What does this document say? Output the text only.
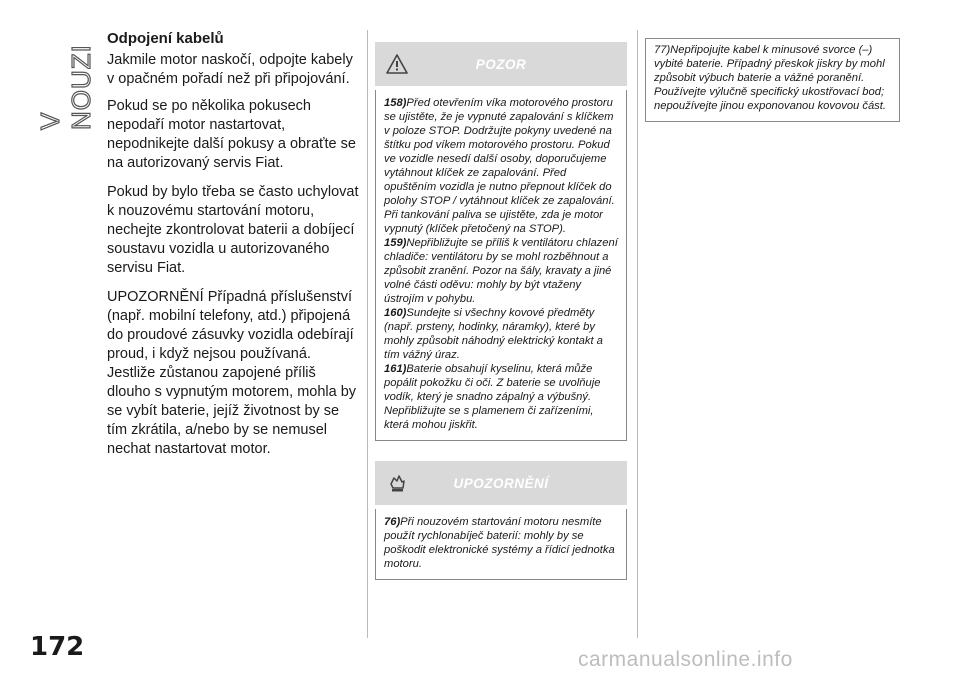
V NOUZI
Odpojení kabelů

Jakmile motor naskočí, odpojte kabely v opačném pořadí než při připojování.

Pokud se po několika pokusech nepodaří motor nastartovat, nepodnikejte další pokusy a obraťte se na autorizovaný servis Fiat.

Pokud by bylo třeba se často uchylovat k nouzovému startování motoru, nechejte zkontrolovat baterii a dobíjecí soustavu vozidla u autorizovaného servisu Fiat.

UPOZORNĚNÍ Případná příslušenství (např. mobilní telefony, atd.) připojená do proudové zásuvky vozidla odebírají proud, i když nejsou používaná. Jestliže zůstanou zapojené příliš dlouho s vypnutým motorem, mohla by se vybít baterie, jejíž životnost by se tím zkrátila, a/nebo by se nemusel nechat nastartovat motor.

POZOR

158)Před otevřením víka motorového prostoru se ujistěte, že je vypnuté zapalování s klíčkem v poloze STOP. Dodržujte pokyny uvedené na štítku pod víkem motorového prostoru. Pokud ve vozidle nesedí další osoby, doporučujeme vytáhnout klíček ze zapalování. Před opuštěním vozidla je nutno přepnout klíček do polohy STOP / vytáhnout klíček ze zapalování. Při tankování paliva se ujistěte, zda je motor vypnutý (klíček přetočený na STOP).

159)Nepřibližujte se příliš k ventilátoru chlazení chladiče: ventilátoru by se mohl rozběhnout a způsobit zranění. Pozor na šály, kravaty a jiné volné části oděvu: mohly by být vtaženy ústrojím v pohybu.

160)Sundejte si všechny kovové předměty (např. prsteny, hodinky, náramky), které by mohly způsobit náhodný elektrický kontakt a tím vážný úraz.

161)Baterie obsahují kyselinu, která může popálit pokožku či oči. Z baterie se uvolňuje vodík, který je snadno zápalný a výbušný. Nepřibližujte se s plamenem či zařízeními, která mohou jiskřit.

UPOZORNĚNÍ

76)Při nouzovém startování motoru nesmíte použít rychlonabíječ baterií: mohly by se poškodit elektronické systémy a řídicí jednotka motoru.

77)Nepřipojujte kabel k minusové svorce (–) vybité baterie. Případný přeskok jiskry by mohl způsobit výbuch baterie a vážné poranění. Používejte výlučně specifický ukostřovací bod; nepoužívejte jinou exponovanou kovovou část.

172	carmanualsonline.info
